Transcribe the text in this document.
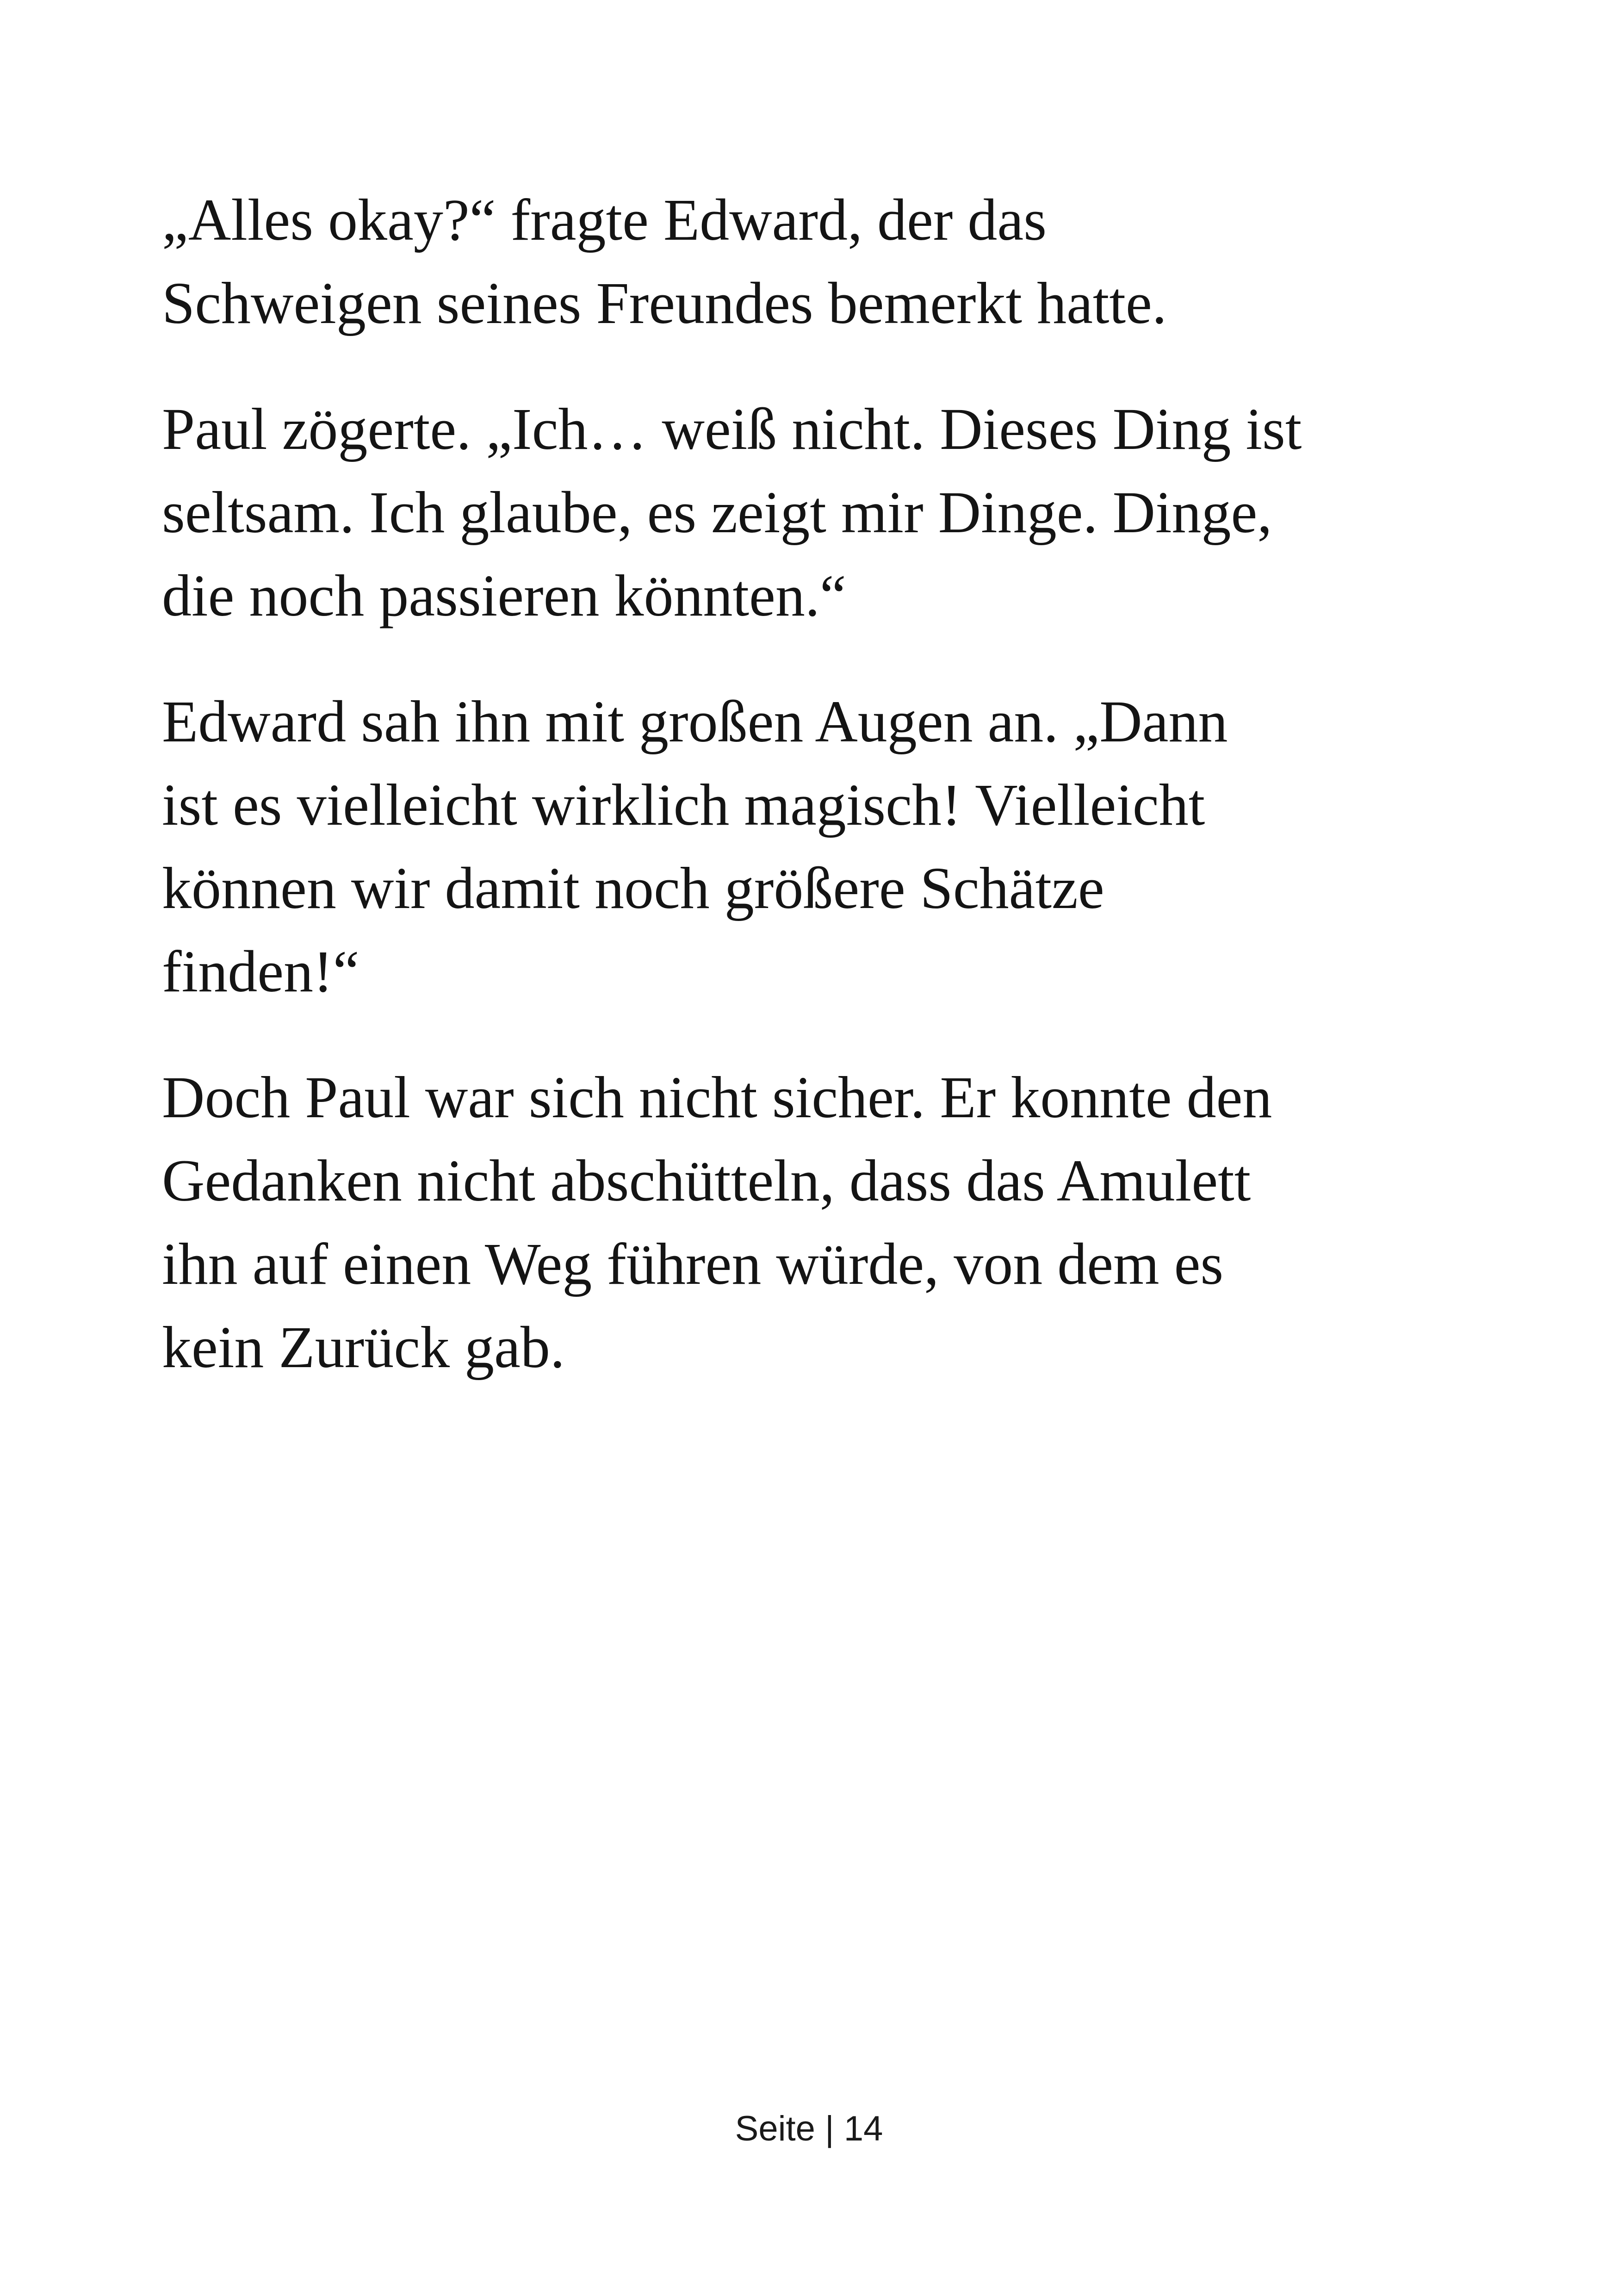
„Alles okay?“ fragte Edward, der das
Schweigen seines Freundes bemerkt hatte.

Paul zögerte. „Ich… weiß nicht. Dieses Ding ist
seltsam. Ich glaube, es zeigt mir Dinge. Dinge,
die noch passieren könnten.“

Edward sah ihn mit großen Augen an. „Dann
ist es vielleicht wirklich magisch! Vielleicht
können wir damit noch größere Schätze
finden!“

Doch Paul war sich nicht sicher. Er konnte den
Gedanken nicht abschütteln, dass das Amulett
ihn auf einen Weg führen würde, von dem es
kein Zurück gab.

Seite | 14
